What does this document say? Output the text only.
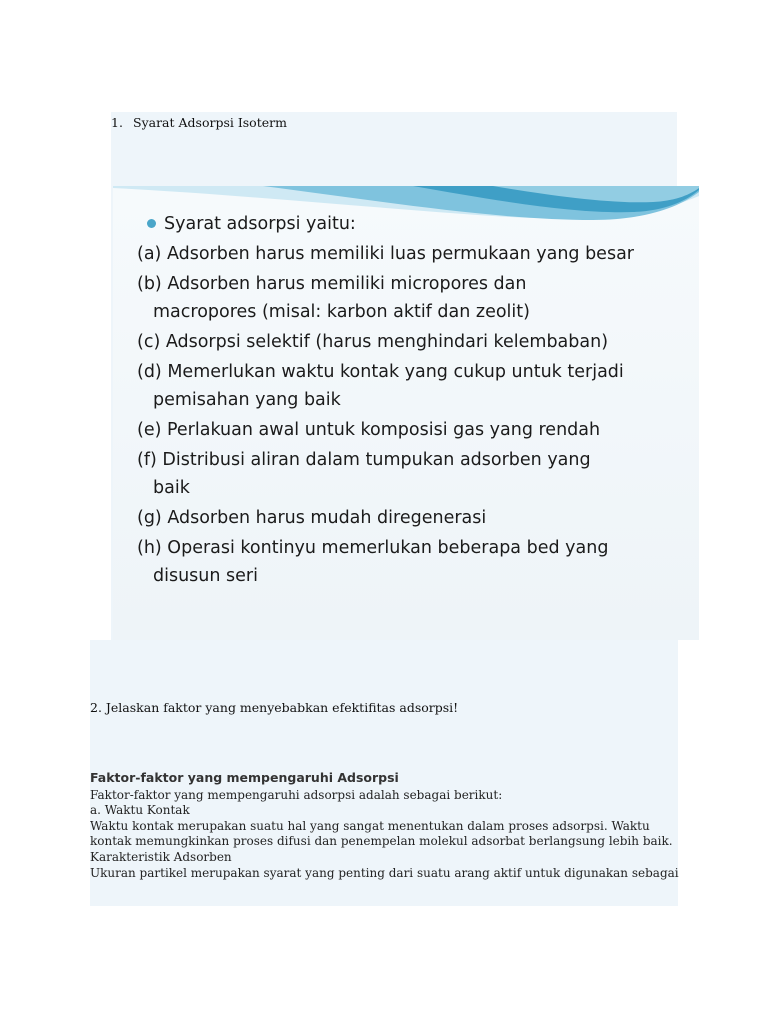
1. Syarat Adsorpsi Isoterm
Syarat adsorpsi yaitu:
(a) Adsorben harus memiliki luas permukaan yang besar
(b) Adsorben harus memiliki micropores dan
macropores (misal: karbon aktif dan zeolit)
(c) Adsorpsi selektif (harus menghindari kelembaban)
(d) Memerlukan waktu kontak yang cukup untuk terjadi
pemisahan yang baik
(e) Perlakuan awal untuk komposisi gas yang rendah
(f) Distribusi aliran dalam tumpukan adsorben yang
baik
(g) Adsorben harus mudah diregenerasi
(h) Operasi kontinyu memerlukan beberapa bed yang
disusun seri
2. Jelaskan faktor yang menyebabkan efektifitas adsorpsi!
Faktor-faktor yang mempengaruhi Adsorpsi

Faktor-faktor yang mempengaruhi adsorpsi adalah sebagai berikut:

a. Waktu Kontak

Waktu kontak merupakan suatu hal yang sangat menentukan dalam proses adsorpsi. Waktu kontak memungkinkan proses difusi dan penempelan molekul adsorbat berlangsung lebih baik.

Karakteristik Adsorben

Ukuran partikel merupakan syarat yang penting dari suatu arang aktif untuk digunakan sebagai
